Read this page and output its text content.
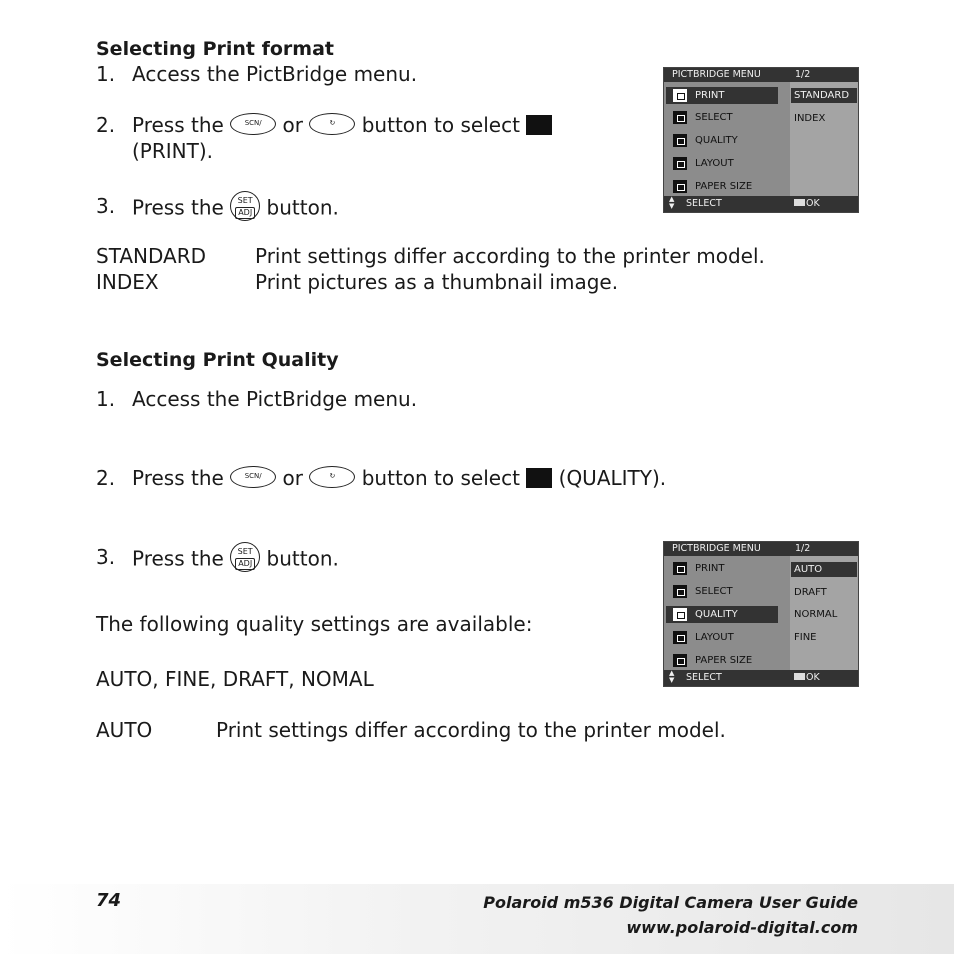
Selecting Print format
1. Access the PictBridge menu.
2. Press the	SCN/ or	↻ button to select
(PRINT).
3. Press the SET
ADJ button.
STANDARD Print settings differ according to the printer model.
INDEX	Print pictures as a thumbnail image.
PICTBRIDGE MENU	1/2
PRINT
SELECT
QUALITY
LAYOUT
PAPER SIZE
STANDARD
INDEX
▲
▼ SELECT	OK
Selecting Print Quality
1. Access the PictBridge menu.
2. Press the	SCN/ or	↻ button to select (QUALITY).
3. Press the SET
ADJ button.
The following quality settings are available:
AUTO, FINE, DRAFT, NOMAL
AUTO	Print settings differ according to the printer model.
PICTBRIDGE MENU	1/2
PRINT
SELECT
QUALITY
LAYOUT
PAPER SIZE
AUTO
DRAFT
NORMAL
FINE
▲
▼ SELECT	OK
74	Polaroid m536 Digital Camera User Guide
www.polaroid-digital.com
